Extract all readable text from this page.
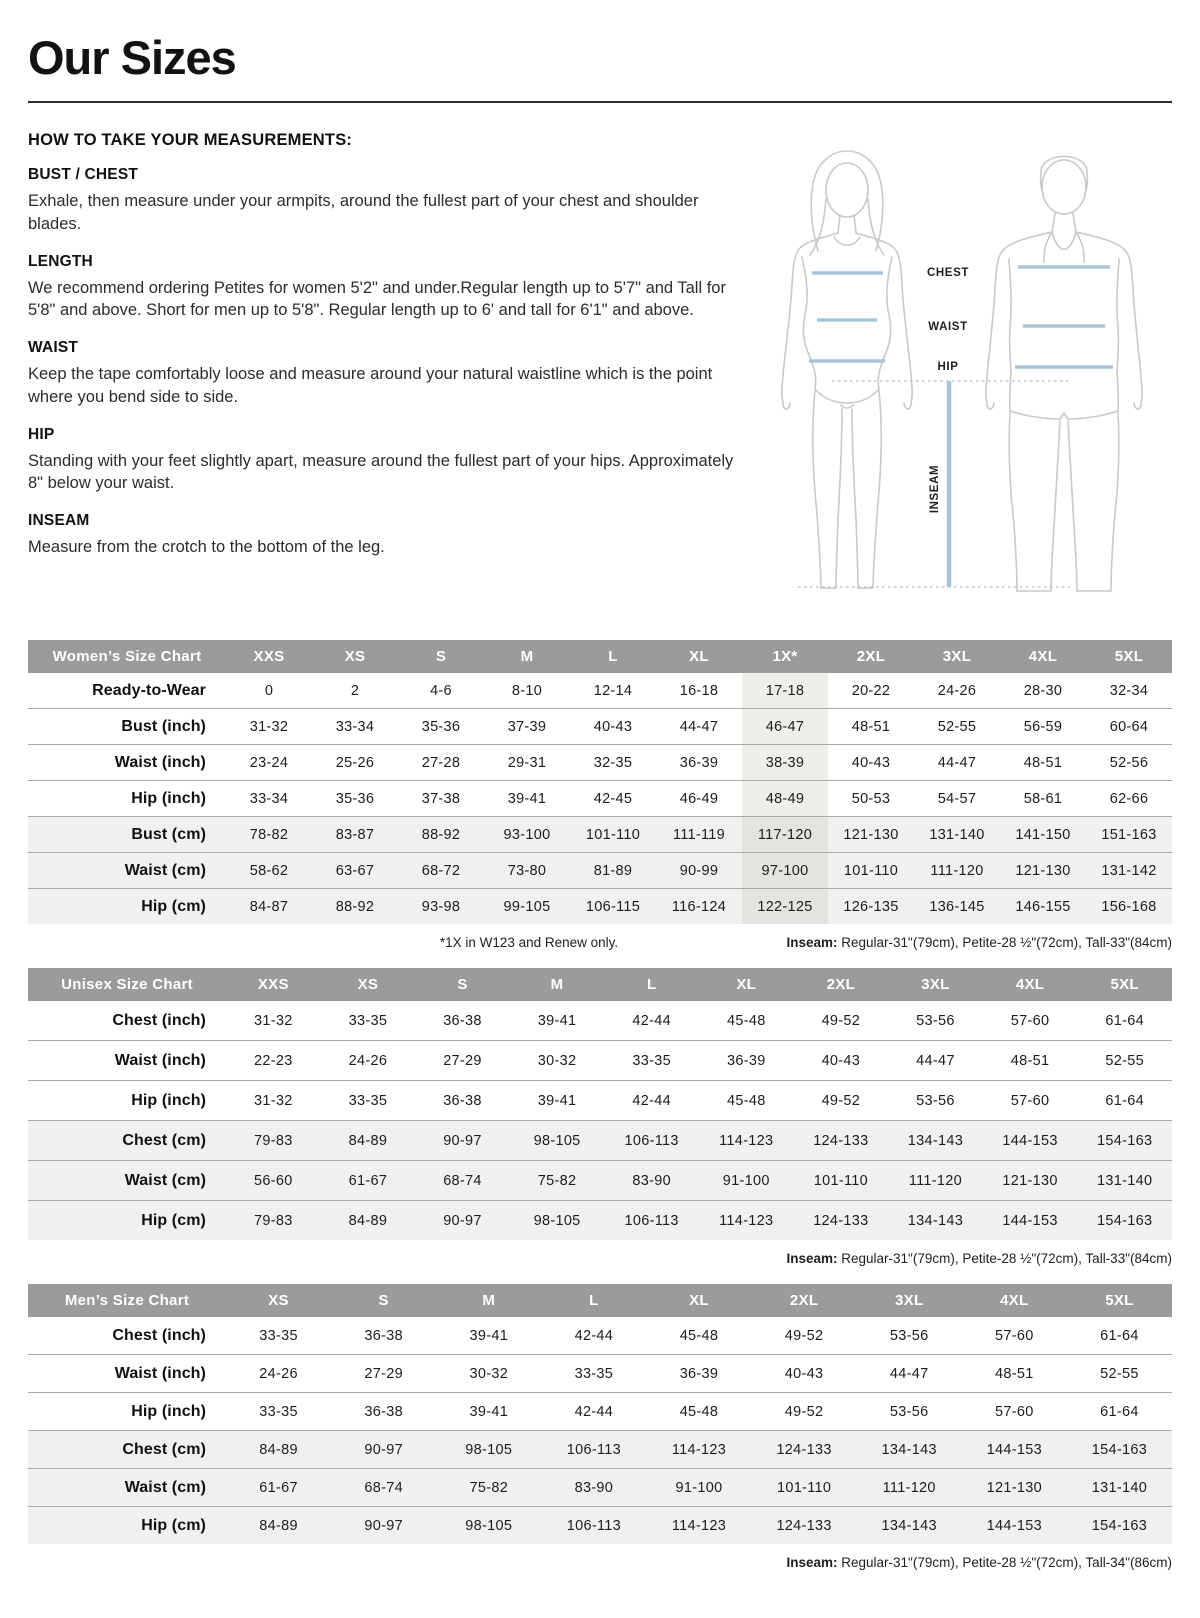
Our Sizes
HOW TO TAKE YOUR MEASUREMENTS:
BUST / CHEST

Exhale, then measure under your armpits, around the fullest part of your chest and shoulder blades.

LENGTH

We recommend ordering Petites for women 5'2" and under.Regular length up to 5'7" and Tall for 5'8" and above. Short for men up to 5'8". Regular length up to 6' and tall for 6'1" and above.

WAIST

Keep the tape comfortably loose and measure around your natural waistline which is the point where you bend side to side.

HIP

Standing with your feet slightly apart, measure around the fullest part of your hips. Approximately 8" below your waist.

INSEAM

Measure from the crotch to the bottom of the leg.

CHEST
WAIST
HIP
INSEAM
Women’s Size Chart	XXS	XS	S	M	L	XL	1X*	2XL	3XL	4XL	5XL
Ready-to-Wear	0	2	4-6	8-10	12-14	16-18	17-18	20-22	24-26	28-30	32-34
Bust (inch)	31-32	33-34	35-36	37-39	40-43	44-47	46-47	48-51	52-55	56-59	60-64
Waist (inch)	23-24	25-26	27-28	29-31	32-35	36-39	38-39	40-43	44-47	48-51	52-56
Hip (inch)	33-34	35-36	37-38	39-41	42-45	46-49	48-49	50-53	54-57	58-61	62-66
Bust (cm)	78-82	83-87	88-92	93-100	101-110	111-119	117-120	121-130	131-140	141-150	151-163
Waist (cm)	58-62	63-67	68-72	73-80	81-89	90-99	97-100	101-110	111-120	121-130	131-142
Hip (cm)	84-87	88-92	93-98	99-105	106-115	116-124	122-125	126-135	136-145	146-155	156-168
*1X in W123 and Renew only.	Inseam: Regular-31"(79cm), Petite-28 ½"(72cm), Tall-33"(84cm)
Unisex Size Chart	XXS	XS	S	M	L	XL	2XL	3XL	4XL	5XL
Chest (inch)	31-32	33-35	36-38	39-41	42-44	45-48	49-52	53-56	57-60	61-64
Waist (inch)	22-23	24-26	27-29	30-32	33-35	36-39	40-43	44-47	48-51	52-55
Hip (inch)	31-32	33-35	36-38	39-41	42-44	45-48	49-52	53-56	57-60	61-64
Chest (cm)	79-83	84-89	90-97	98-105	106-113	114-123	124-133	134-143	144-153	154-163
Waist (cm)	56-60	61-67	68-74	75-82	83-90	91-100	101-110	111-120	121-130	131-140
Hip (cm)	79-83	84-89	90-97	98-105	106-113	114-123	124-133	134-143	144-153	154-163
Inseam: Regular-31"(79cm), Petite-28 ½"(72cm), Tall-33"(84cm)
Men’s Size Chart	XS	S	M	L	XL	2XL	3XL	4XL	5XL
Chest (inch)	33-35	36-38	39-41	42-44	45-48	49-52	53-56	57-60	61-64
Waist (inch)	24-26	27-29	30-32	33-35	36-39	40-43	44-47	48-51	52-55
Hip (inch)	33-35	36-38	39-41	42-44	45-48	49-52	53-56	57-60	61-64
Chest (cm)	84-89	90-97	98-105	106-113	114-123	124-133	134-143	144-153	154-163
Waist (cm)	61-67	68-74	75-82	83-90	91-100	101-110	111-120	121-130	131-140
Hip (cm)	84-89	90-97	98-105	106-113	114-123	124-133	134-143	144-153	154-163
Inseam: Regular-31"(79cm), Petite-28 ½"(72cm), Tall-34"(86cm)
